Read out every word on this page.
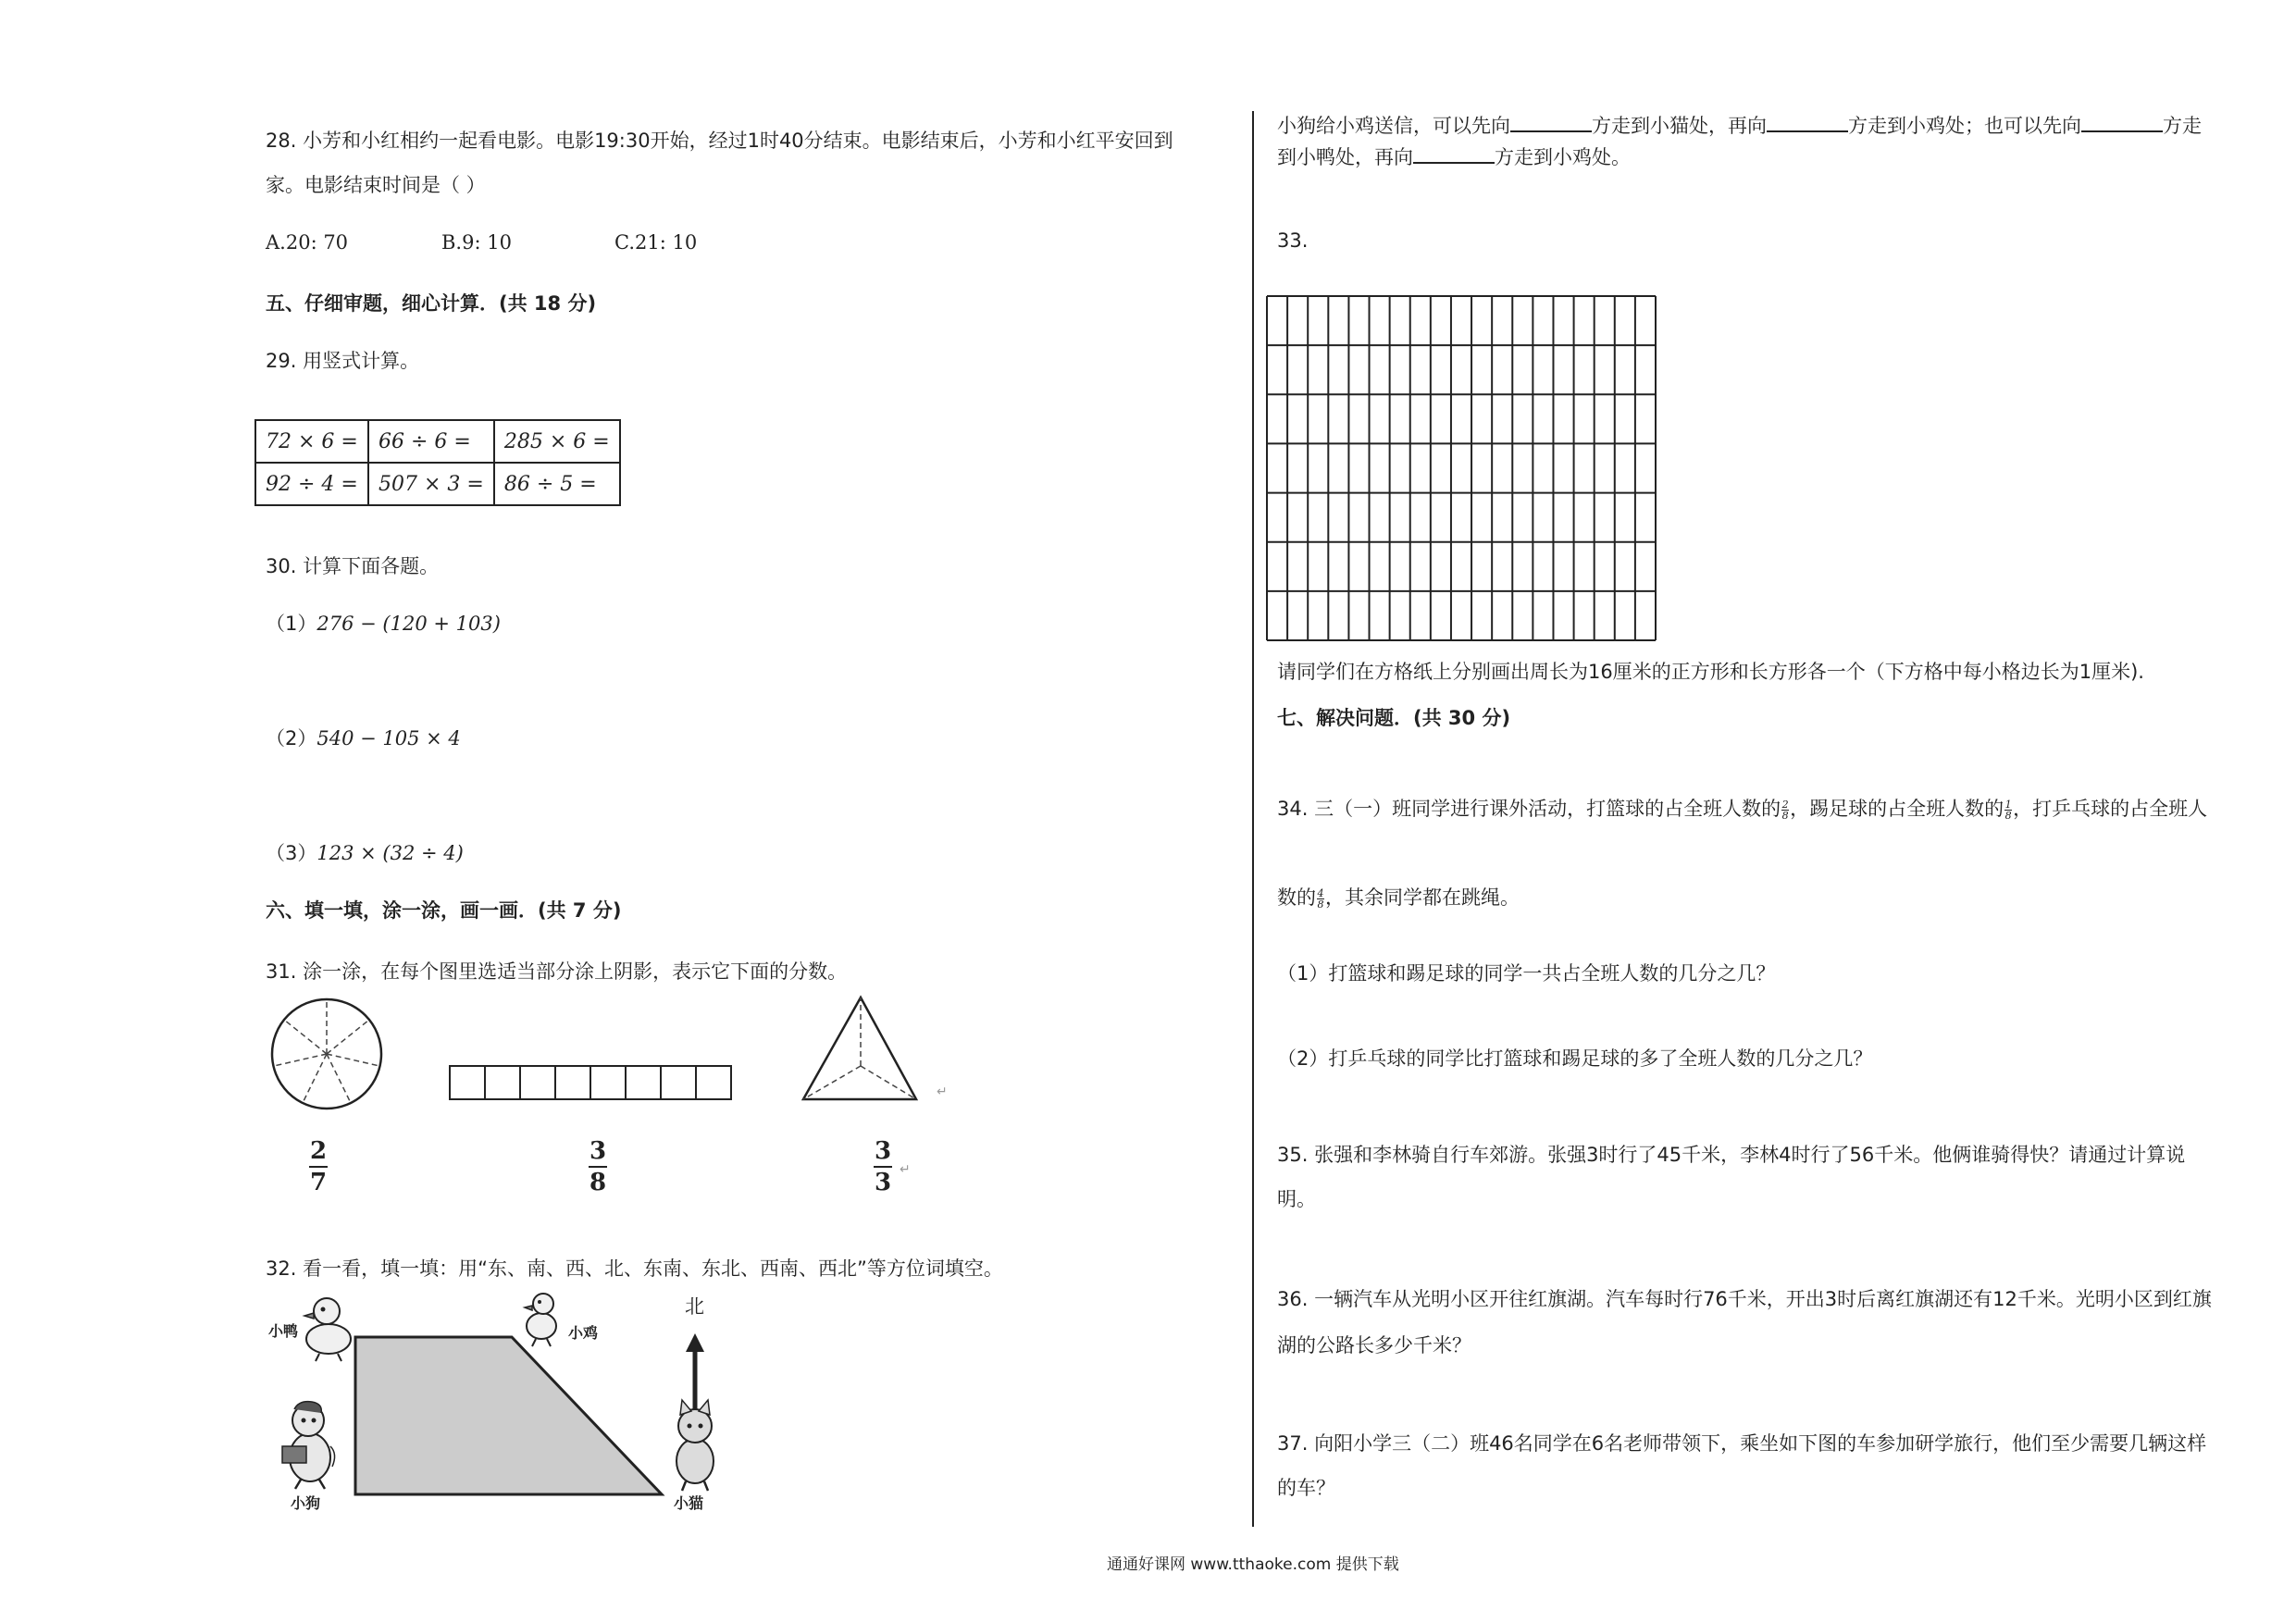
28. 小芳和小红相约一起看电影。电影19:30开始，经过1时40分结束。电影结束后，小芳和小红平安回到
家。电影结束时间是（ ）
A.20: 70	B.9: 10	C.21: 10
五、仔细审题，细心计算．(共 18 分)
29. 用竖式计算。
72 × 6 =	66 ÷ 6 =	285 × 6 =
92 ÷ 4 =	507 × 3 =	86 ÷ 5 =
30. 计算下面各题。
（1）276 − (120 + 103)
（2）540 − 105 × 4
（3）123 × (32 ÷ 4)
六、填一填，涂一涂，画一画．(共 7 分)
31. 涂一涂，在每个图里选适当部分涂上阴影，表示它下面的分数。
↵
2
7
3
8
3
3 ↵
32. 看一看，填一填：用“东、南、西、北、东南、东北、西南、西北”等方位词填空。
小鸭	小鸡
北
小狗	小猫
小狗给小鸡送信，可以先向	方走到小猫处，再向	方走到小鸡处；也可以先向	方走
到小鸭处，再向	方走到小鸡处。
33.
请同学们在方格纸上分别画出周长为16厘米的正方形和长方形各一个（下方格中每小格边长为1厘米).
七、解决问题．(共 30 分)
34. 三（一）班同学进行课外活动，打篮球的占全班人数的 $\frac{2}{8}$ ，踢足球的占全班人数的 $\frac{1}{8}$ ，打乒乓球的占全班人
数的 $\frac{4}{8}$ ，其余同学都在跳绳。
（1）打篮球和踢足球的同学一共占全班人数的几分之几？
（2）打乒乓球的同学比打篮球和踢足球的多了全班人数的几分之几？
35. 张强和李林骑自行车郊游。张强3时行了45千米，李林4时行了56千米。他俩谁骑得快？请通过计算说
明。
36. 一辆汽车从光明小区开往红旗湖。汽车每时行76千米，开出3时后离红旗湖还有12千米。光明小区到红旗
湖的公路长多少千米？
37. 向阳小学三（二）班46名同学在6名老师带领下，乘坐如下图的车参加研学旅行，他们至少需要几辆这样
的车？
通通好课网 www.tthaoke.com 提供下载
